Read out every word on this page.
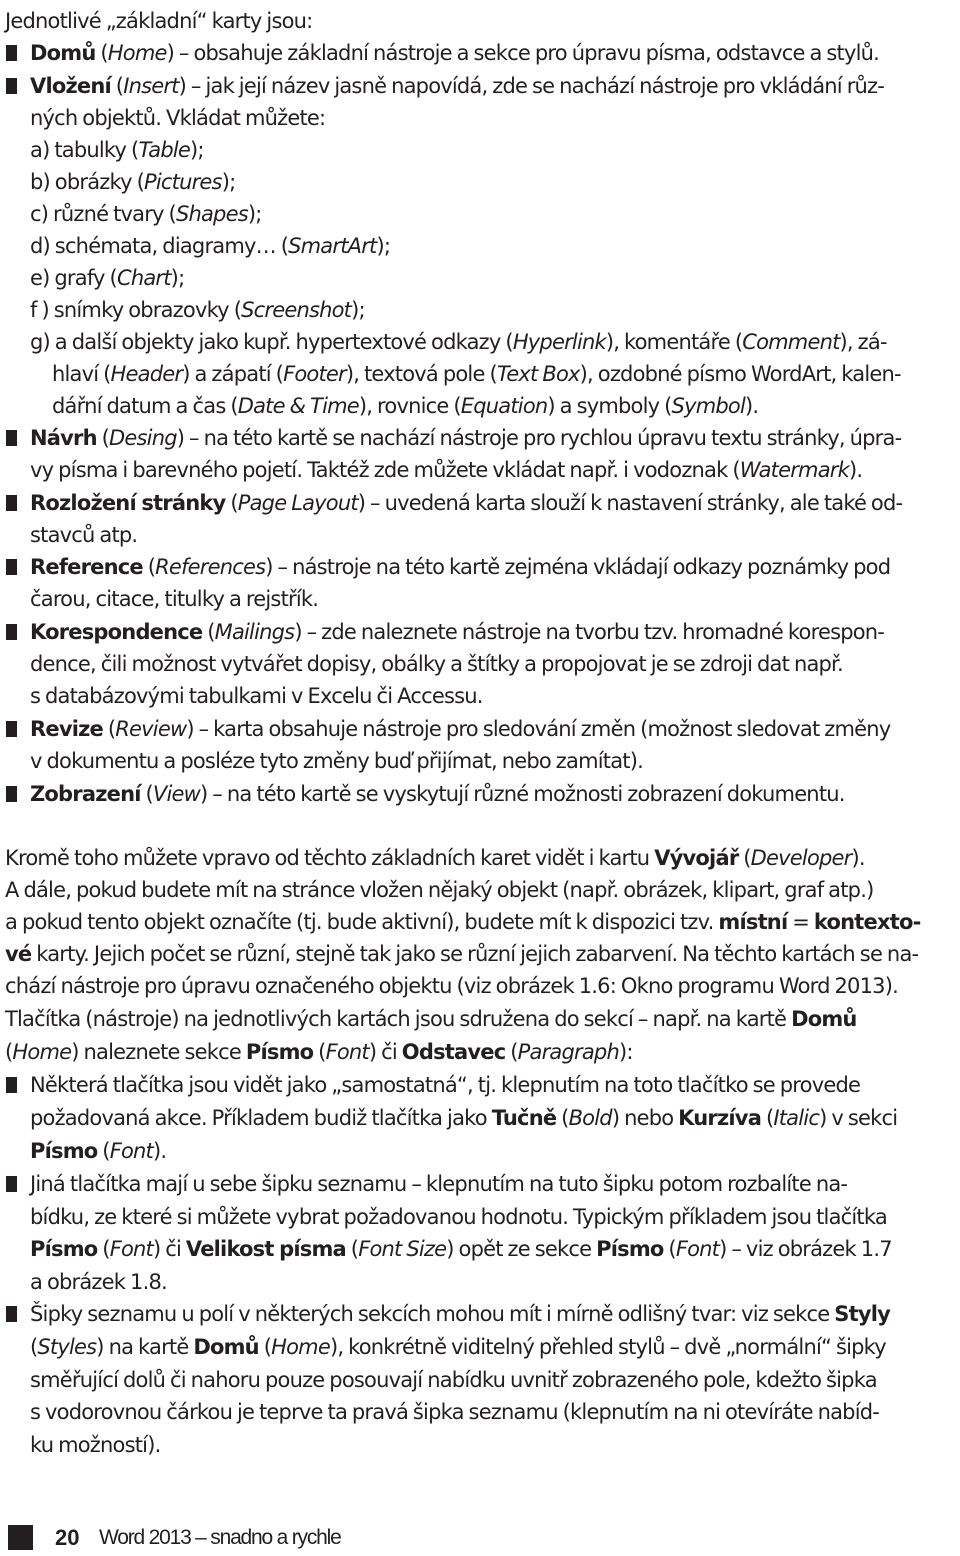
Jednotlivé „základní“ karty jsou:
Domů (Home) – obsahuje základní nástroje a sekce pro úpravu písma, odstavce a stylů.
Vložení (Insert) – jak její název jasně napovídá, zde se nachází nástroje pro vkládání růz-
ných objektů. Vkládat můžete:
a) tabulky (Table);
b) obrázky (Pictures);
c) různé tvary (Shapes);
d) schémata, diagramy… (SmartArt);
e) grafy (Chart);
f ) snímky obrazovky (Screenshot);
g) a další objekty jako kupř. hypertextové odkazy (Hyperlink), komentáře (Comment), zá-
hlaví (Header) a zápatí (Footer), textová pole (Text Box), ozdobné písmo WordArt, kalen-
dářní datum a čas (Date & Time), rovnice (Equation) a symboly (Symbol).
Návrh (Desing) – na této kartě se nachází nástroje pro rychlou úpravu textu stránky, úpra-
vy písma i barevného pojetí. Taktéž zde můžete vkládat např. i vodoznak (Watermark).
Rozložení stránky (Page Layout) – uvedená karta slouží k nastavení stránky, ale také od-
stavců atp.
Reference (References) – nástroje na této kartě zejména vkládají odkazy poznámky pod
čarou, citace, titulky a rejstřík.
Korespondence (Mailings) – zde naleznete nástroje na tvorbu tzv. hromadné korespon-
dence, čili možnost vytvářet dopisy, obálky a štítky a propojovat je se zdroji dat např.
s databázovými tabulkami v Excelu či Accessu.
Revize (Review) – karta obsahuje nástroje pro sledování změn (možnost sledovat změny
v dokumentu a posléze tyto změny buď přijímat, nebo zamítat).
Zobrazení (View) – na této kartě se vyskytují různé možnosti zobrazení dokumentu.
Kromě toho můžete vpravo od těchto základních karet vidět i kartu Vývojář (Developer).
A dále, pokud budete mít na stránce vložen nějaký objekt (např. obrázek, klipart, graf atp.)
a pokud tento objekt označíte (tj. bude aktivní), budete mít k dispozici tzv. místní = kontexto-
vé karty. Jejich počet se různí, stejně tak jako se různí jejich zabarvení. Na těchto kartách se na-
chází nástroje pro úpravu označeného objektu (viz obrázek 1.6: Okno programu Word 2013).
Tlačítka (nástroje) na jednotlivých kartách jsou sdružena do sekcí – např. na kartě Domů
(Home) naleznete sekce Písmo (Font) či Odstavec (Paragraph):
Některá tlačítka jsou vidět jako „samostatná“, tj. klepnutím na toto tlačítko se provede
požadovaná akce. Příkladem budiž tlačítka jako Tučně (Bold) nebo Kurzíva (Italic) v sekci
Písmo (Font).
Jiná tlačítka mají u sebe šipku seznamu – klepnutím na tuto šipku potom rozbalíte na-
bídku, ze které si můžete vybrat požadovanou hodnotu. Typickým příkladem jsou tlačítka
Písmo (Font) či Velikost písma (Font Size) opět ze sekce Písmo (Font) – viz obrázek 1.7
a obrázek 1.8.
Šipky seznamu u polí v některých sekcích mohou mít i mírně odlišný tvar: viz sekce Styly
(Styles) na kartě Domů (Home), konkrétně viditelný přehled stylů – dvě „normální“ šipky
směřující dolů či nahoru pouze posouvají nabídku uvnitř zobrazeného pole, kdežto šipka
s vodorovnou čárkou je teprve ta pravá šipka seznamu (klepnutím na ni otevíráte nabíd-
ku možností).
20 Word 2013 – snadno a rychle
